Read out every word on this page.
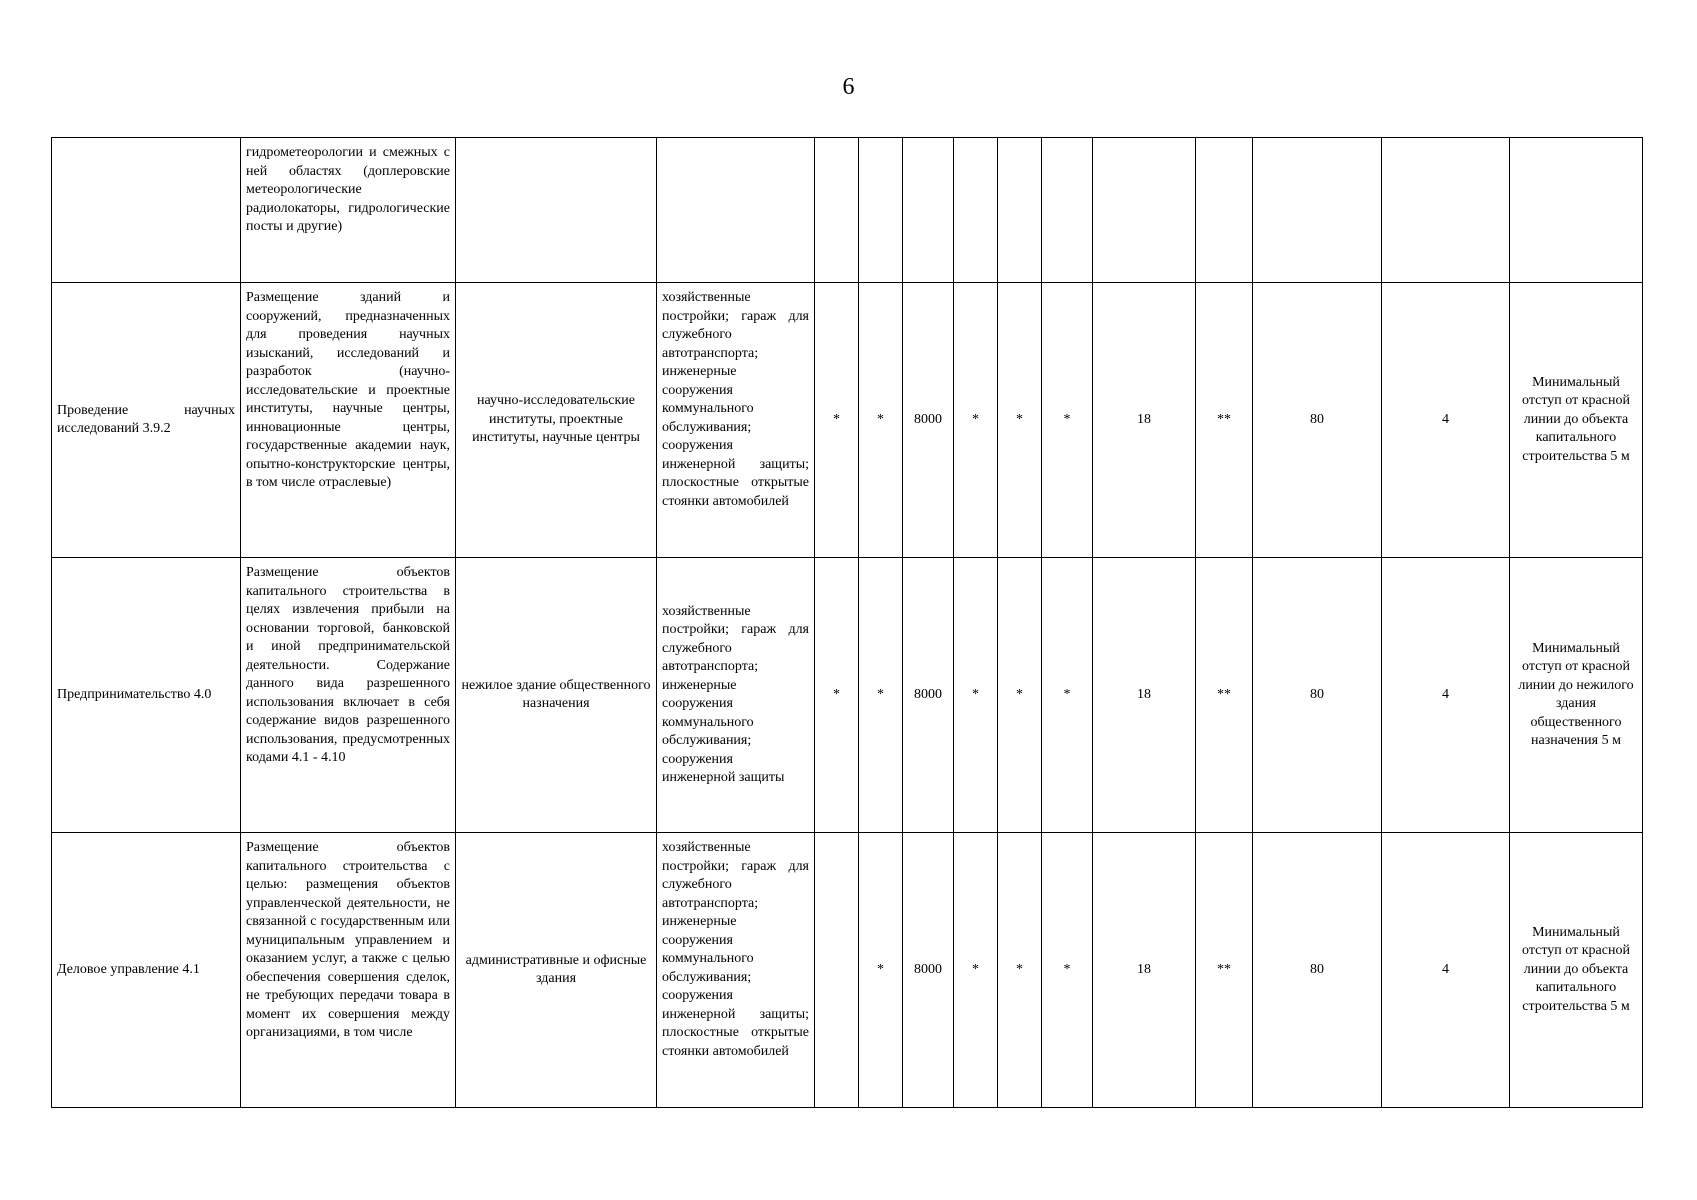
6
	гидрометеорологии и смежных с ней областях (доплеровские метеорологические радиолокаторы, гидрологические посты и другие)													
Проведение научных исследований 3.9.2	Размещение зданий и сооружений, предназначенных для проведения научных изысканий, исследований и разработок (научно-исследовательские и проектные институты, научные центры, инновационные центры, государственные академии наук, опытно-конструкторские центры, в том числе отраслевые)	научно-исследовательские институты, проектные институты, научные центры	хозяйственные постройки; гараж для служебного автотранспорта; инженерные сооружения коммунального обслуживания; сооружения инженерной защиты; плоскостные открытые стоянки автомобилей	*	*	8000	*	*	*	18	**	80	4	Минимальный отступ от красной линии до объекта капитального строительства 5 м
Предпринимательство 4.0	Размещение объектов капитального строительства в целях извлечения прибыли на основании торговой, банковской и иной предпринимательской деятельности. Содержание данного вида разрешенного использования включает в себя содержание видов разрешенного использования, предусмотренных кодами 4.1 - 4.10	нежилое здание общественного назначения	хозяйственные постройки; гараж для служебного автотранспорта; инженерные сооружения коммунального обслуживания; сооружения инженерной защиты	*	*	8000	*	*	*	18	**	80	4	Минимальный отступ от красной линии до нежилого здания общественного назначения 5 м
Деловое управление 4.1	Размещение объектов капитального строительства с целью: размещения объектов управленческой деятельности, не связанной с государственным или муниципальным управлением и оказанием услуг, а также с целью обеспечения совершения сделок, не требующих передачи товара в момент их совершения между организациями, в том числе	административные и офисные здания	хозяйственные постройки; гараж для служебного автотранспорта; инженерные сооружения коммунального обслуживания; сооружения инженерной защиты; плоскостные открытые стоянки автомобилей		*	8000	*	*	*	18	**	80	4	Минимальный отступ от красной линии до объекта капитального строительства 5 м
